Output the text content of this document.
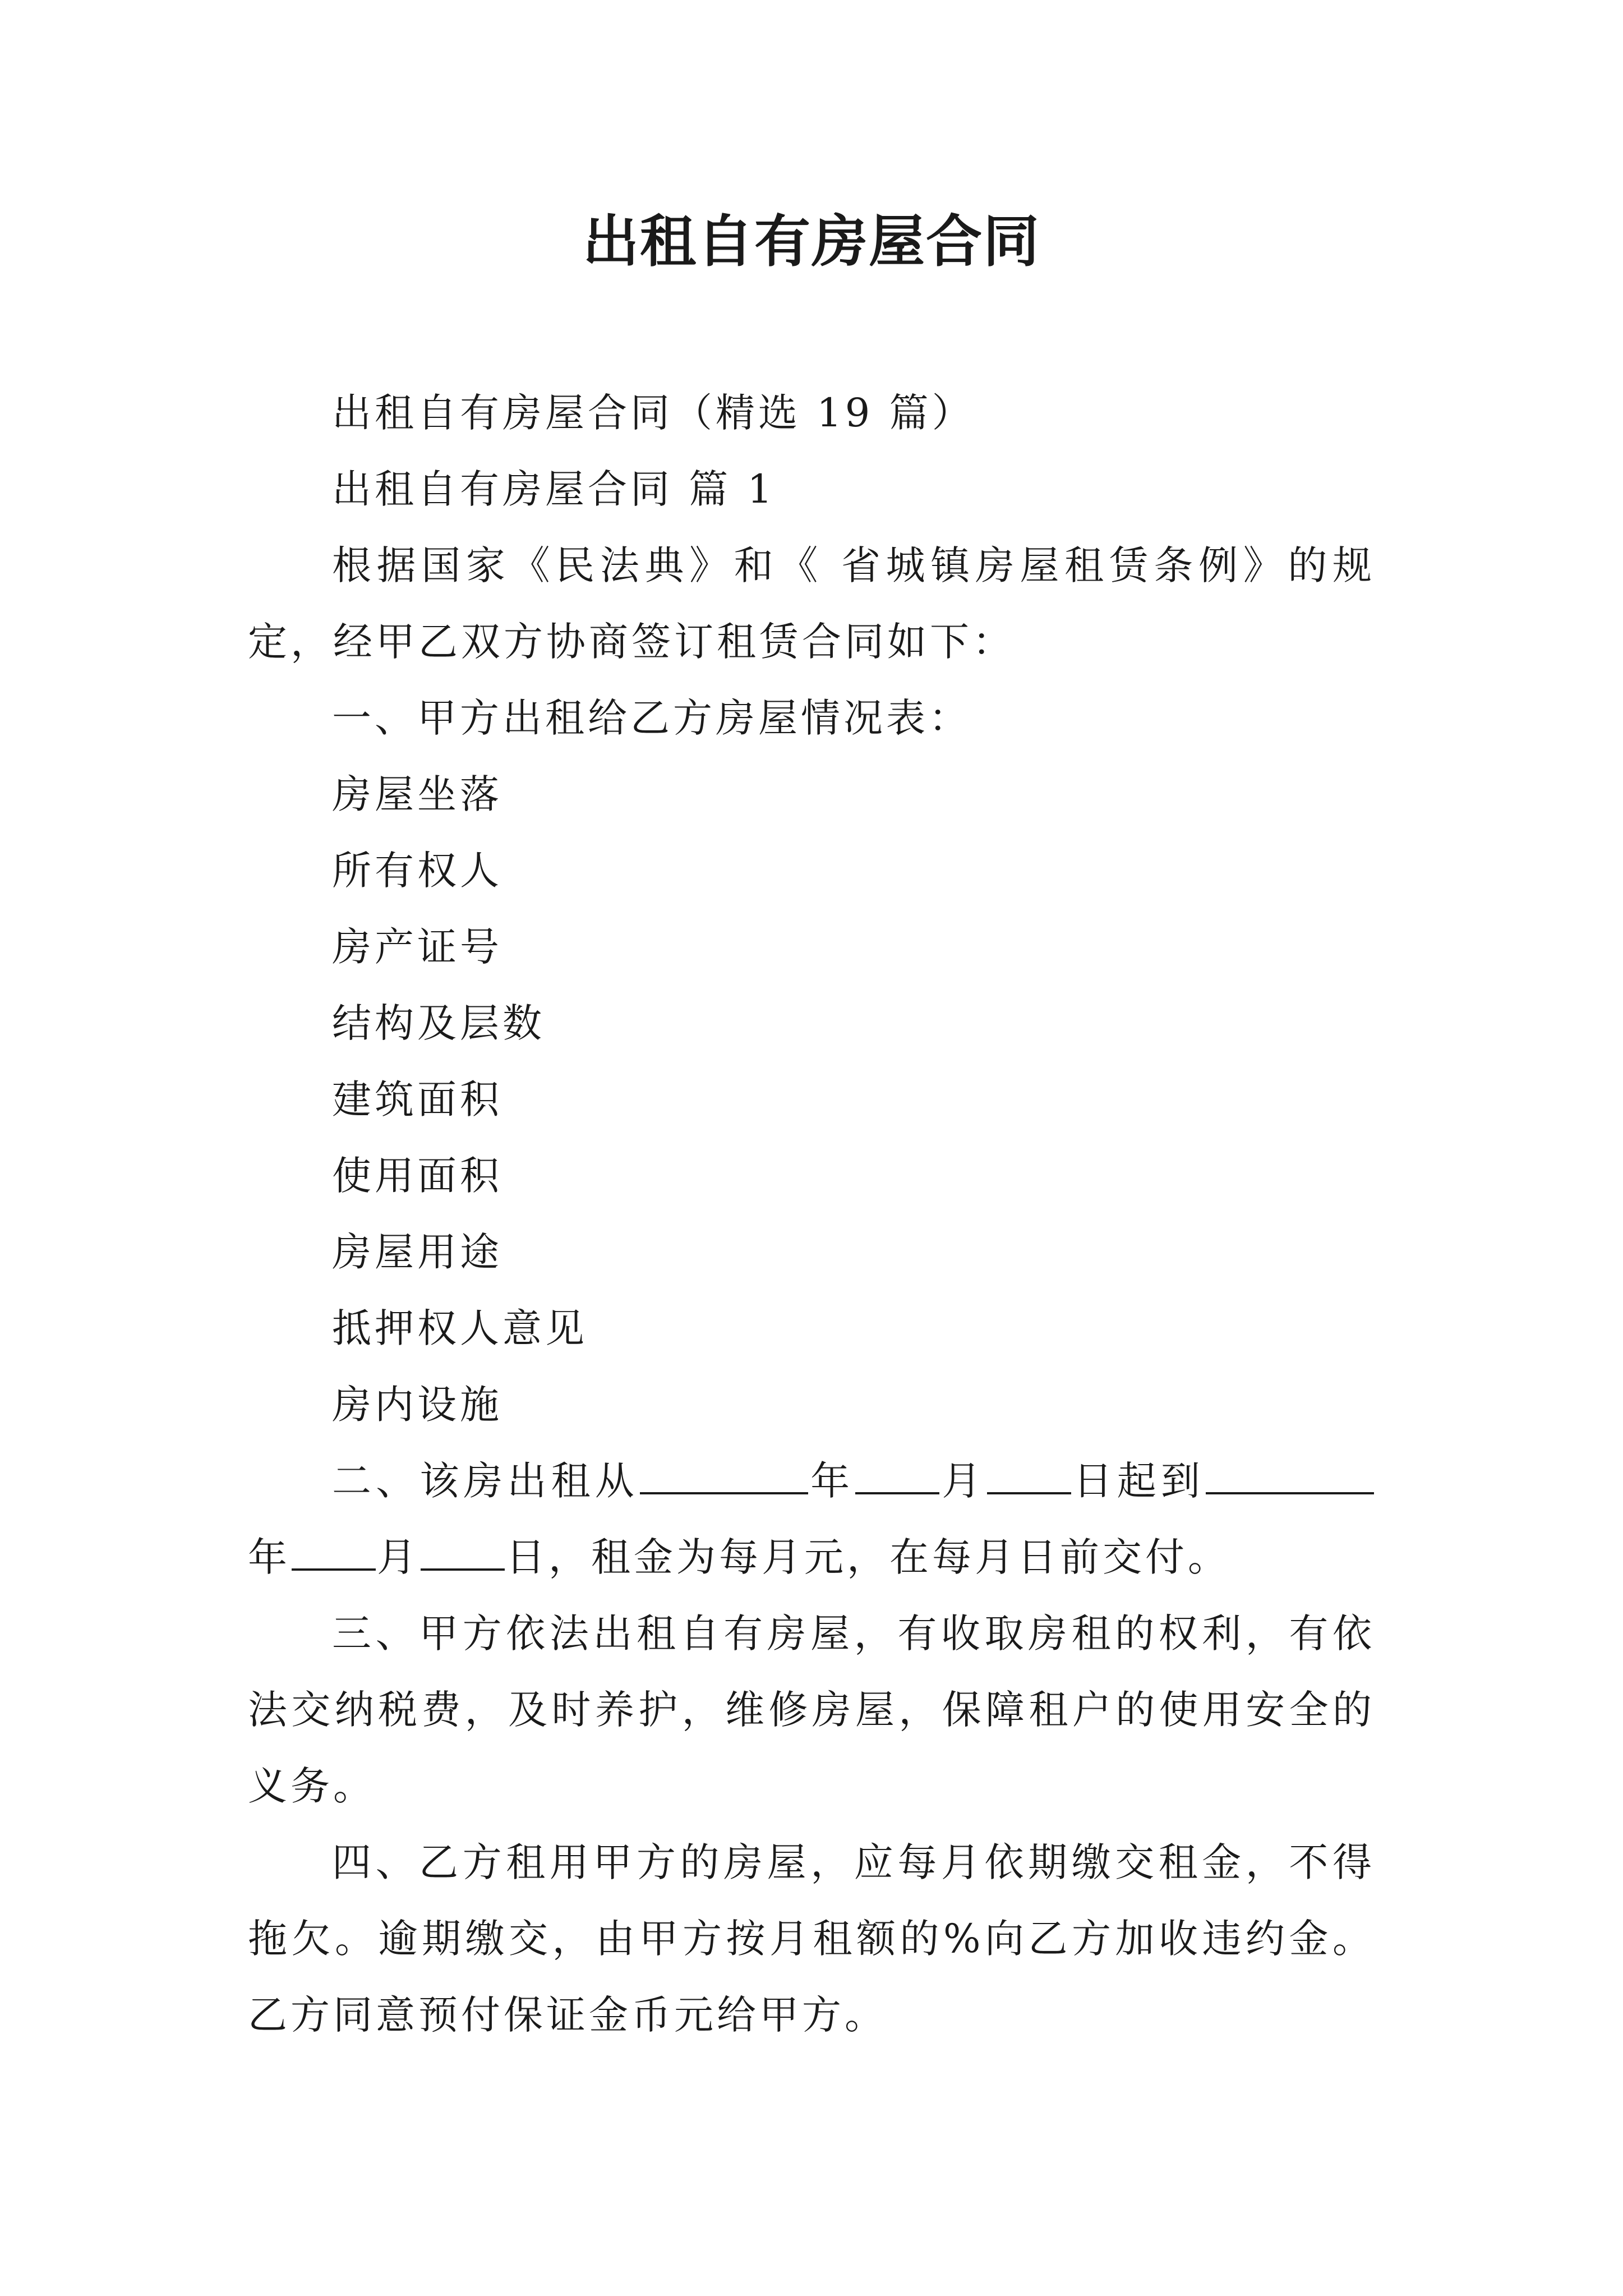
出租自有房屋合同

出租自有房屋合同（精选 19 篇）

出租自有房屋合同 篇 1

根据国家《民法典》和《 省城镇房屋租赁条例》的规定，经甲乙双方协商签订租赁合同如下：

一、甲方出租给乙方房屋情况表：

房屋坐落

所有权人

房产证号

结构及层数

建筑面积

使用面积

房屋用途

抵押权人意见

房内设施

二、该房出租从	年 月 日起到年 月 日，租金为每月元，在每月日前交付。

三、甲方依法出租自有房屋，有收取房租的权利，有依法交纳税费，及时养护，维修房屋，保障租户的使用安全的义务。

四、乙方租用甲方的房屋，应每月依期缴交租金，不得拖欠。逾期缴交，由甲方按月租额的%向乙方加收违约金。乙方同意预付保证金币元给甲方。
